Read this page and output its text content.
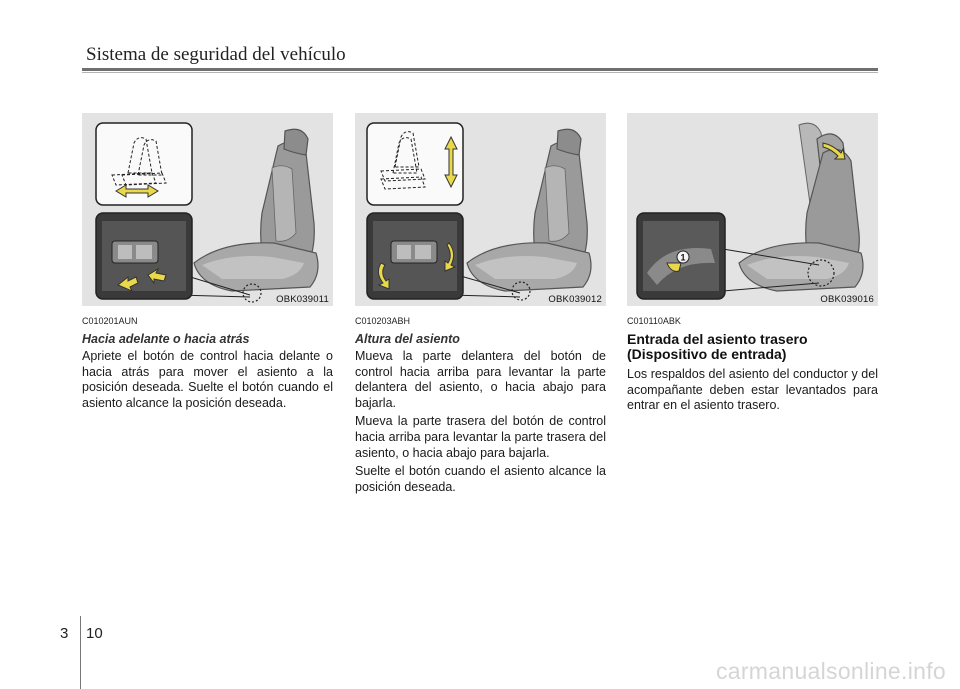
Sistema de seguridad del vehículo
OBK039011	OBK039012
1
OBK039016
C010201AUN
Hacia adelante o hacia atrás

Apriete el botón de control hacia delante o hacia atrás para mover el asiento a la posición deseada. Suelte el botón cuando el asiento alcance la posición deseada.

C010203ABH
Altura del asiento

Mueva la parte delantera del botón de control hacia arriba para levantar la parte delantera del asiento, o hacia abajo para bajarla.

Mueva la parte trasera del botón de control hacia arriba para levantar la parte trasera del asiento, o hacia abajo para bajarla.

Suelte el botón cuando el asiento alcance la posición deseada.

C010110ABK
Entrada del asiento trasero (Dispositivo de entrada)

Los respaldos del asiento del conductor y del acompañante deben estar levantados para entrar en el asiento trasero.

3 10
carmanualsonline.info
